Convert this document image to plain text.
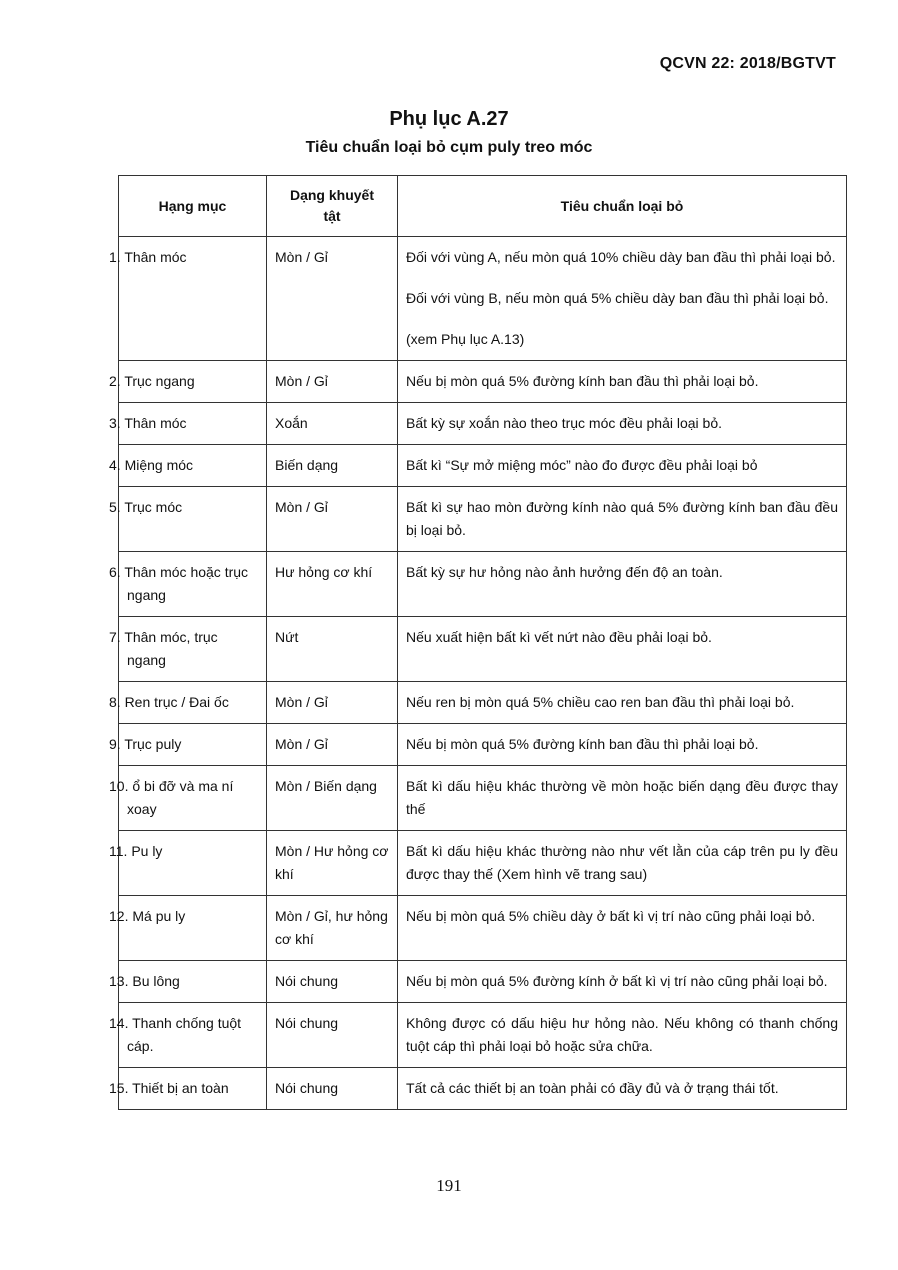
QCVN 22: 2018/BGTVT
Phụ lục A.27
Tiêu chuẩn loại bỏ cụm puly treo móc
Hạng mục	Dạng khuyết tật	Tiêu chuẩn loại bỏ
1. Thân móc	Mòn / Gỉ	Đối với vùng A, nếu mòn quá 10% chiều dày ban đầu thì phải loại bỏ.

Đối với vùng B, nếu mòn quá 5% chiều dày ban đầu thì phải loại bỏ.

(xem Phụ lục A.13)

2. Trục ngang	Mòn / Gỉ	Nếu bị mòn quá 5% đường kính ban đầu thì phải loại bỏ.

3. Thân móc	Xoắn	Bất kỳ sự xoắn nào theo trục móc đều phải loại bỏ.

4. Miệng móc	Biến dạng	Bất kì “Sự mở miệng móc” nào đo được đều phải loại bỏ

5. Trục móc	Mòn / Gỉ	Bất kì sự hao mòn đường kính nào quá 5% đường kính ban đầu đều bị loại bỏ.

6. Thân móc hoặc trục ngang	Hư hỏng cơ khí	Bất kỳ sự hư hỏng nào ảnh hưởng đến độ an toàn.

7. Thân móc, trục ngang	Nứt	Nếu xuất hiện bất kì vết nứt nào đều phải loại bỏ.

8. Ren trục / Đai ốc	Mòn / Gỉ	Nếu ren bị mòn quá 5% chiều cao ren ban đầu thì phải loại bỏ.

9. Trục puly	Mòn / Gỉ	Nếu bị mòn quá 5% đường kính ban đầu thì phải loại bỏ.

10. ổ bi đỡ và ma ní xoay	Mòn / Biến dạng	Bất kì dấu hiệu khác thường về mòn hoặc biến dạng đều được thay thế

11. Pu ly	Mòn / Hư hỏng cơ khí	Bất kì dấu hiệu khác thường nào như vết lằn của cáp trên pu ly đều được thay thế (Xem hình vẽ trang sau)

12. Má pu ly	Mòn / Gỉ, hư hỏng cơ khí	Nếu bị mòn quá 5% chiều dày ở bất kì vị trí nào cũng phải loại bỏ.

13. Bu lông	Nói chung	Nếu bị mòn quá 5% đường kính ở bất kì vị trí nào cũng phải loại bỏ.

14. Thanh chống tuột cáp.	Nói chung	Không được có dấu hiệu hư hỏng nào. Nếu không có thanh chống tuột cáp thì phải loại bỏ hoặc sửa chữa.

15. Thiết bị an toàn	Nói chung	Tất cả các thiết bị an toàn phải có đầy đủ và ở trạng thái tốt.

191
